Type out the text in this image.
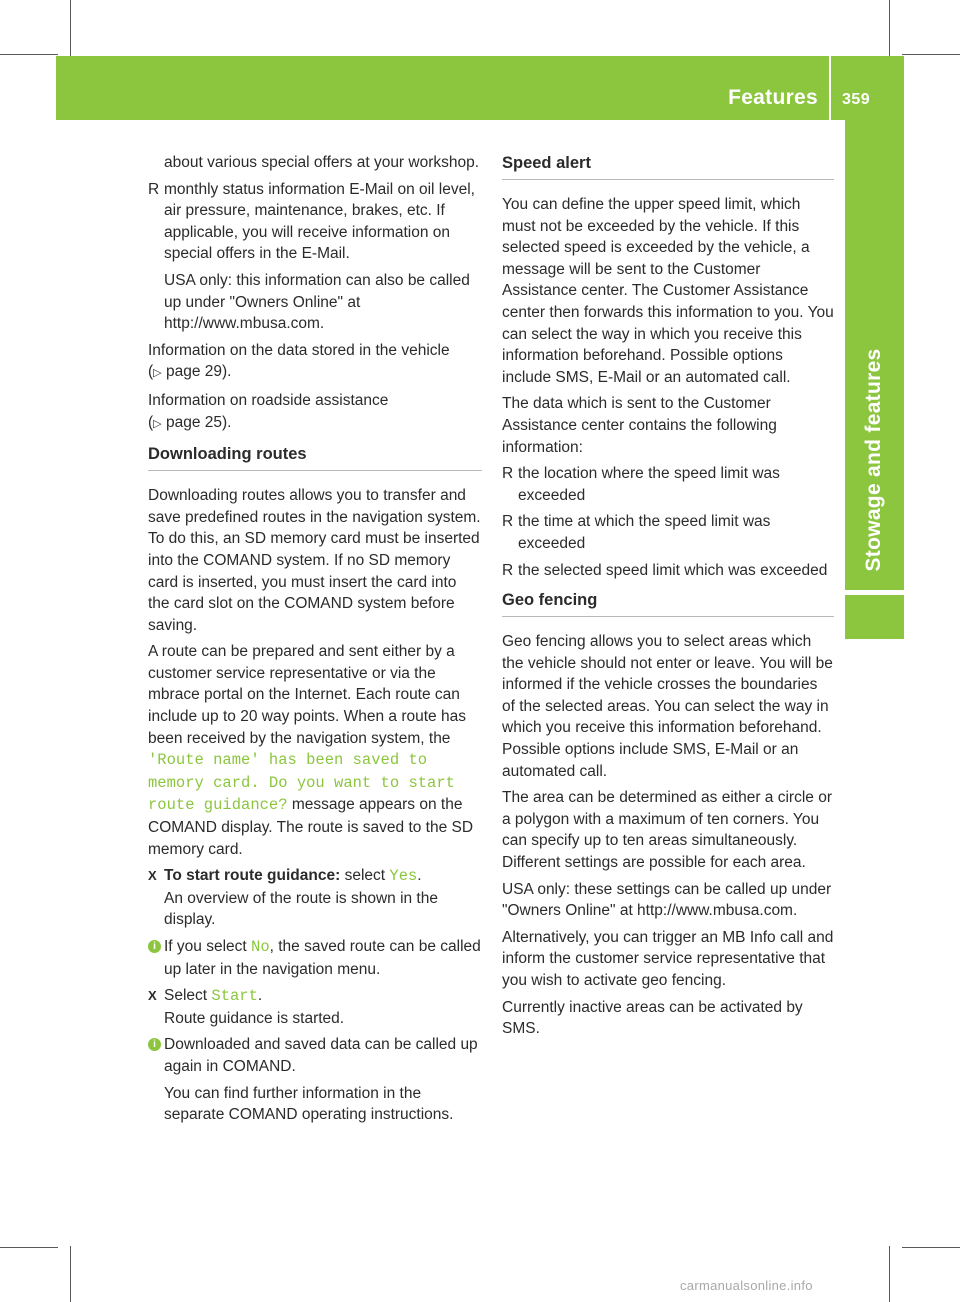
Features 359
Stowage and features

about various special offers at your workshop.

R monthly status information E-Mail on oil level, air pressure, maintenance, brakes, etc. If applicable, you will receive information on special offers in the E-Mail.

USA only: this information can also be called up under "Owners Online" at http://www.mbusa.com.

Information on the data stored in the vehicle
(▷ page 29).

Information on roadside assistance
(▷ page 25).

Downloading routes

Downloading routes allows you to transfer and save predefined routes in the navigation system. To do this, an SD memory card must be inserted into the COMAND system. If no SD memory card is inserted, you must insert the card into the card slot on the COMAND system before saving.

A route can be prepared and sent either by a customer service representative or via the mbrace portal on the Internet. Each route can include up to 20 way points. When a route has been received by the navigation system, the 'Route name' has been saved to memory card. Do you want to start route guidance? message appears on the COMAND display. The route is saved to the SD memory card.

X To start route guidance: select Yes.
An overview of the route is shown in the display.

i If you select No, the saved route can be called up later in the navigation menu.

X Select Start.
Route guidance is started.

i Downloaded and saved data can be called up again in COMAND.

You can find further information in the separate COMAND operating instructions.

Speed alert

You can define the upper speed limit, which must not be exceeded by the vehicle. If this selected speed is exceeded by the vehicle, a message will be sent to the Customer Assistance center. The Customer Assistance center then forwards this information to you. You can select the way in which you receive this information beforehand. Possible options include SMS, E-Mail or an automated call.

The data which is sent to the Customer Assistance center contains the following information:

R the location where the speed limit was exceeded

R the time at which the speed limit was exceeded

R the selected speed limit which was exceeded

Geo fencing

Geo fencing allows you to select areas which the vehicle should not enter or leave. You will be informed if the vehicle crosses the boundaries of the selected areas. You can select the way in which you receive this information beforehand. Possible options include SMS, E-Mail or an automated call.

The area can be determined as either a circle or a polygon with a maximum of ten corners. You can specify up to ten areas simultaneously. Different settings are possible for each area.

USA only: these settings can be called up under "Owners Online" at http://www.mbusa.com.

Alternatively, you can trigger an MB Info call and inform the customer service representative that you wish to activate geo fencing.

Currently inactive areas can be activated by SMS.

carmanualsonline.info
